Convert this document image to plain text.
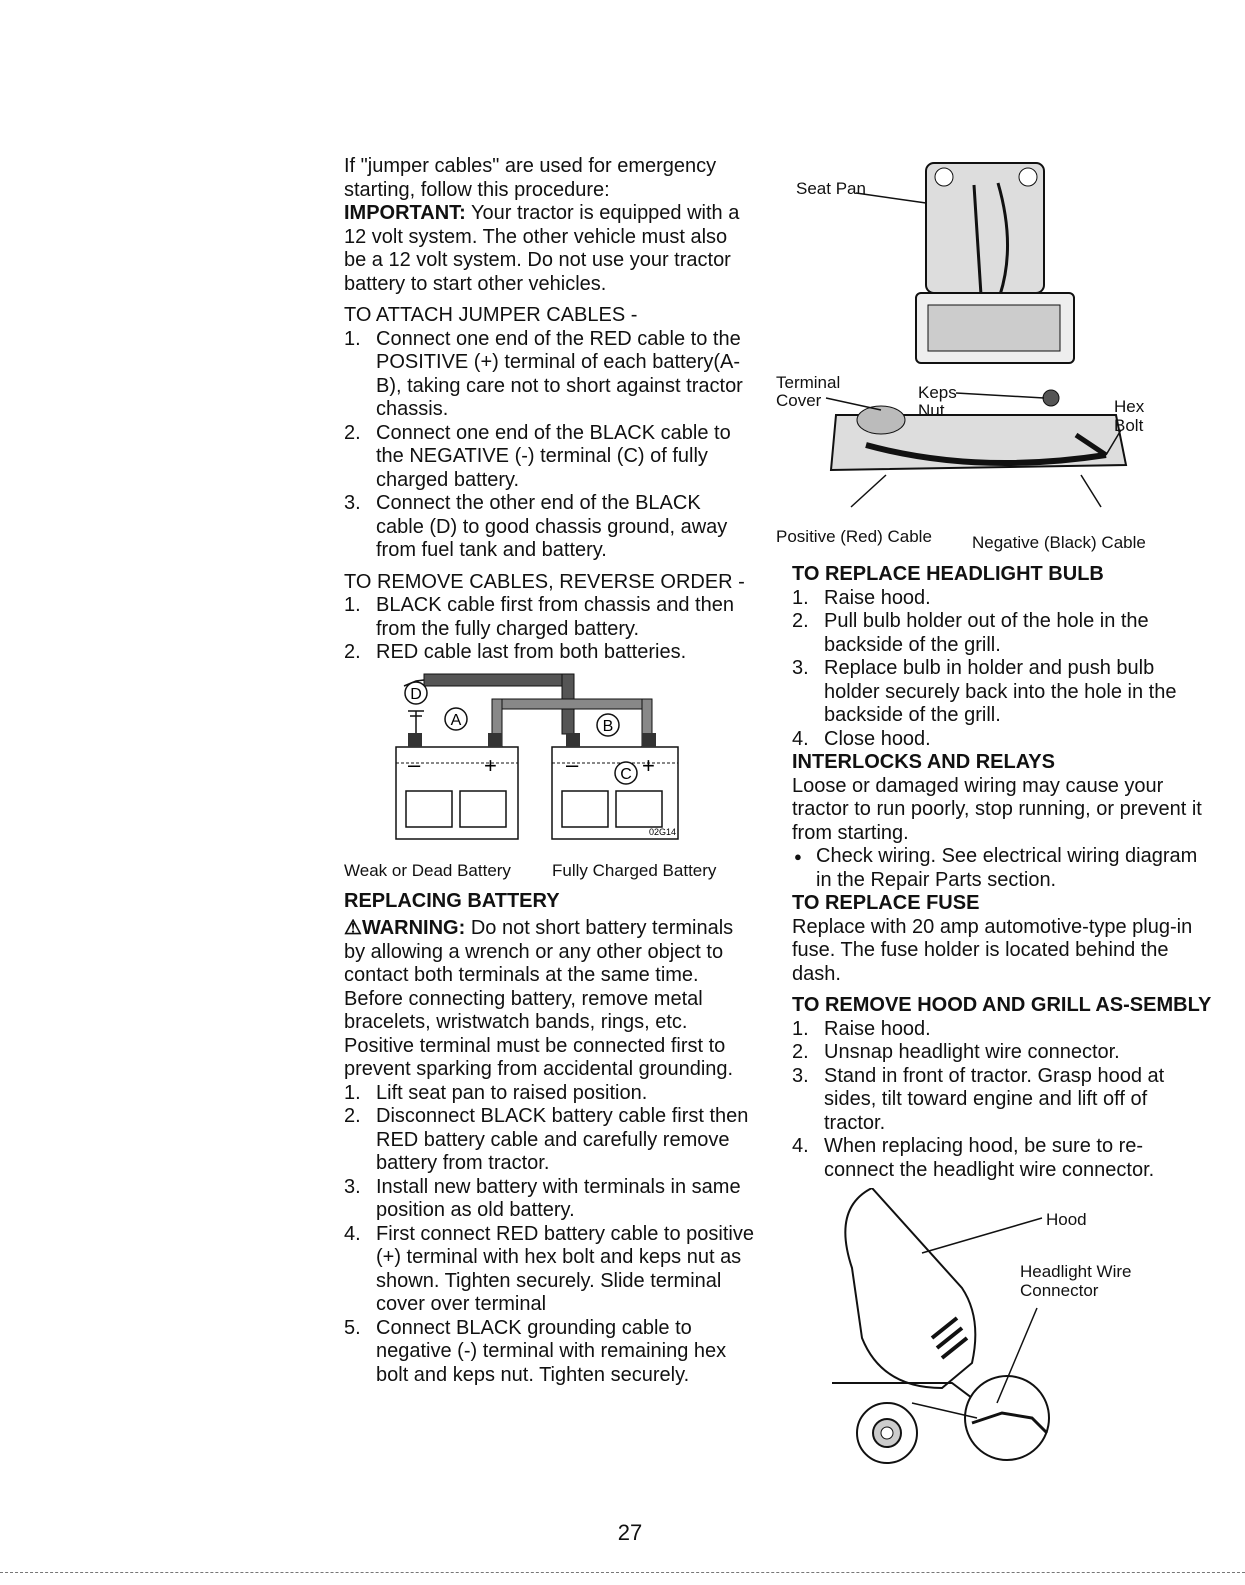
If "jumper cables" are used for emergency starting, follow this procedure:

IMPORTANT: Your tractor is equipped with a 12 volt system. The other vehicle must also be a 12 volt system. Do not use your tractor battery to start other vehicles.

TO ATTACH JUMPER CABLES -

1. Connect one end of the RED cable to the POSITIVE (+) terminal of each battery(A-B), taking care not to short against tractor chassis.
2. Connect one end of the BLACK cable to the NEGATIVE (-) terminal (C) of fully charged battery.
3. Connect the other end of the BLACK cable (D) to good chassis ground, away from fuel tank and battery.

TO REMOVE CABLES, REVERSE ORDER -

1. BLACK cable first from chassis and then from the fully charged battery.
2. RED cable last from both batteries.
–	+	–	+
D
A	B
C
02G14
Weak or Dead Battery Fully Charged Battery

REPLACING BATTERY

⚠WARNING: Do not short battery terminals by allowing a wrench or any other object to contact both terminals at the same time. Before connecting battery, remove metal bracelets, wristwatch bands, rings, etc.

Positive terminal must be connected first to prevent sparking from accidental grounding.

1. Lift seat pan to raised position.
2. Disconnect BLACK battery cable first then RED battery cable and carefully remove battery from tractor.
3. Install new battery with terminals in same position as old battery.
4. First connect RED battery cable to positive (+) terminal with hex bolt and keps nut as shown. Tighten securely. Slide terminal cover over terminal
5. Connect BLACK grounding cable to negative (-) terminal with remaining hex bolt and keps nut. Tighten securely.
Seat Pan
Terminal
Cover	Keps
Nut	Hex
Bolt
Positive (Red) Cable Negative (Black) Cable

TO REPLACE HEADLIGHT BULB

1. Raise hood.
2. Pull bulb holder out of the hole in the backside of the grill.
3. Replace bulb in holder and push bulb holder securely back into the hole in the backside of the grill.
4. Close hood.

INTERLOCKS AND RELAYS

Loose or damaged wiring may cause your tractor to run poorly, stop running, or prevent it from starting.

● Check wiring. See electrical wiring diagram in the Repair Parts section.

TO REPLACE FUSE

Replace with 20 amp automotive-type plug-in fuse. The fuse holder is located behind the dash.

TO REMOVE HOOD AND GRILL AS-SEMBLY

1. Raise hood.
2. Unsnap headlight wire connector.
3. Stand in front of tractor. Grasp hood at sides, tilt toward engine and lift off of tractor.
4. When replacing hood, be sure to re-connect the headlight wire connector.
Hood
Headlight Wire
Connector
27
